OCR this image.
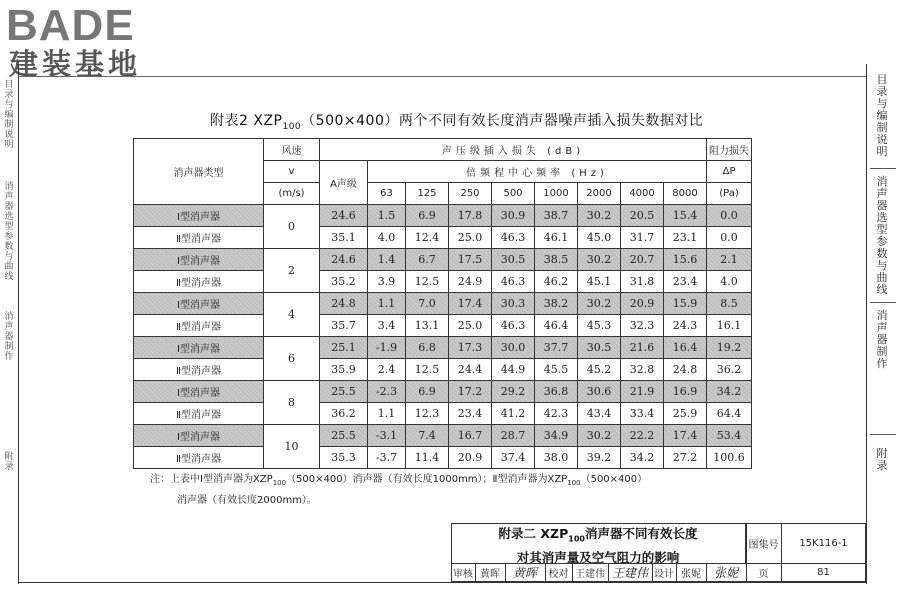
BADE
建装基地
目录与编制说明
消声器选型参数与曲线
消声器制作
附录
目录与编制说明
消声器选型参数与曲线
消声器制作
附录
附表2 $XZP_{100}(500\times 400)$两个不同有效长度消声器噪声插入损失数据对比
消声器类型	风速	声压级插入损失 (dB)									阻力损失
	v	A声级	倍频程中心频率 (Hz)								ΔP
	(m/s)		63	125	250	500	1000	2000	4000	8000	(Pa)
Ⅰ型消声器	0	24.6	1.5	6.9	17.8	30.9	38.7	30.2	20.5	15.4	0.0
Ⅱ型消声器		35.1	4.0	12.4	25.0	46.3	46.1	45.0	31.7	23.1	0.0
Ⅰ型消声器	2	24.6	1.4	6.7	17.5	30.5	38.5	30.2	20.7	15.6	2.1
Ⅱ型消声器		35.2	3.9	12.5	24.9	46.3	46.2	45.1	31.8	23.4	4.0
Ⅰ型消声器	4	24.8	1.1	7.0	17.4	30.3	38.2	30.2	20.9	15.9	8.5
Ⅱ型消声器		35.7	3.4	13.1	25.0	46.3	46.4	45.3	32.3	24.3	16.1
Ⅰ型消声器	6	25.1	-1.9	6.8	17.3	30.0	37.7	30.5	21.6	16.4	19.2
Ⅱ型消声器		35.9	2.4	12.5	24.4	44.9	45.5	45.2	32.8	24.8	36.2
Ⅰ型消声器	8	25.5	-2.3	6.9	17.2	29.2	36.8	30.6	21.9	16.9	34.2
Ⅱ型消声器		36.2	1.1	12.3	23.4	41.2	42.3	43.4	33.4	25.9	64.4
Ⅰ型消声器	10	25.5	-3.1	7.4	16.7	28.7	34.9	30.2	22.2	17.4	53.4
Ⅱ型消声器		35.3	-3.7	11.4	20.9	37.4	38.0	39.2	34.2	27.2	100.6
注：上表中Ⅰ型消声器为$XZP_{100}(500\times 400)$消声器（有效长度1000mm）；Ⅱ型消声器为$XZP_{100}(500\times 400)$
消声器（有效长度2000mm）。
附录二 $XZP_{100}$消声器不同有效长度
对其消声量及空气阻力的影响
图集号	15K116-1
审核 黄晖	黄晖	校对 王建伟 王建伟 设计 张妮	张妮	页	81
